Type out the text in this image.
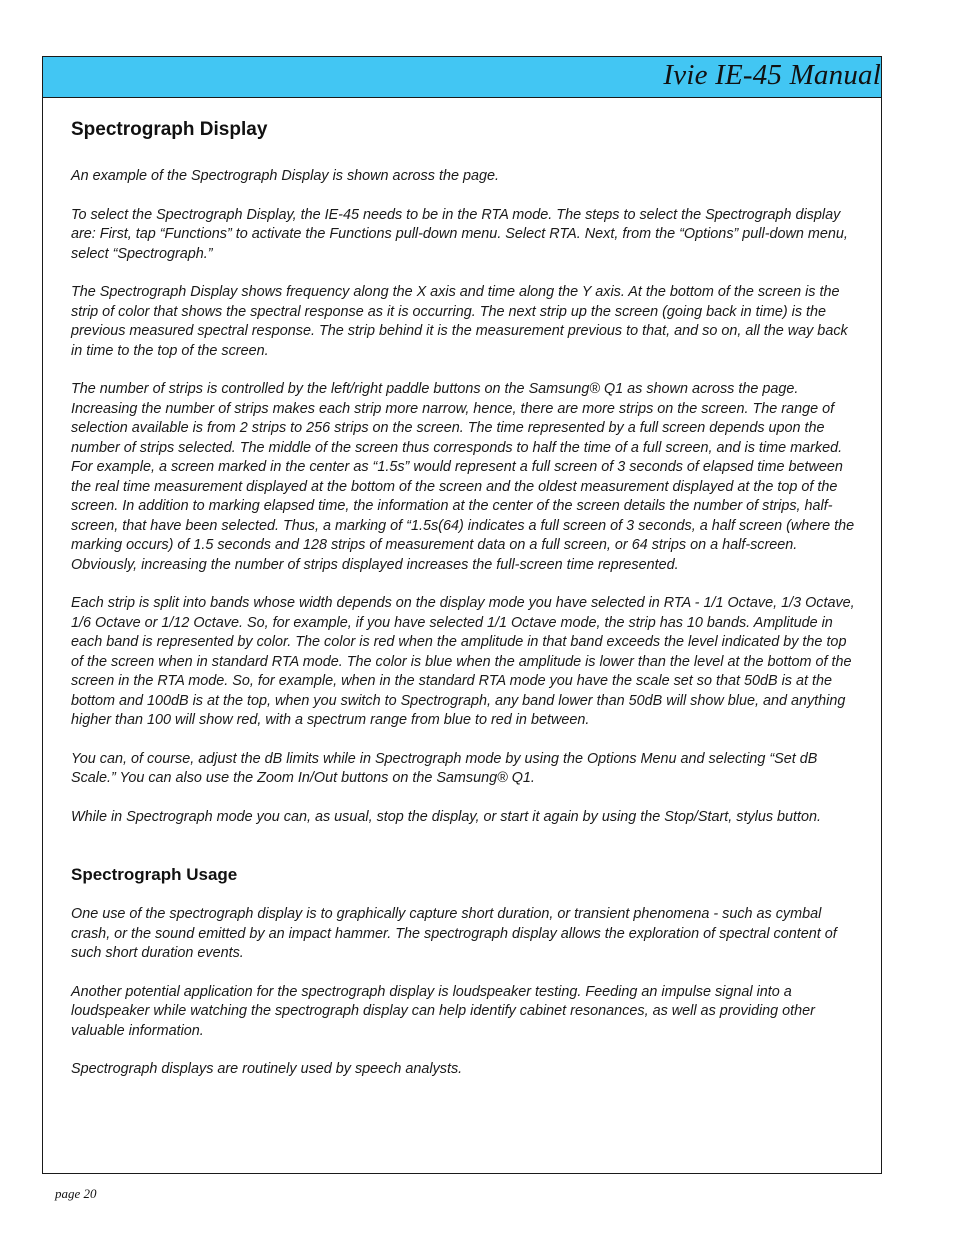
Ivie IE-45 Manual
Spectrograph Display

An example of the Spectrograph Display is shown across the page.

To select the Spectrograph Display, the IE-45 needs to be in the RTA mode. The steps to select the Spectrograph display are: First, tap “Functions” to activate the Functions pull-down menu. Select RTA. Next, from the “Options” pull-down menu, select “Spectrograph.”

The Spectrograph Display shows frequency along the X axis and time along the Y axis. At the bottom of the screen is the strip of color that shows the spectral response as it is occurring. The next strip up the screen (going back in time) is the previous measured spectral response. The strip behind it is the measurement previous to that, and so on, all the way back in time to the top of the screen.

The number of strips is controlled by the left/right paddle buttons on the Samsung® Q1 as shown across the page. Increasing the number of strips makes each strip more narrow, hence, there are more strips on the screen. The range of selection available is from 2 strips to 256 strips on the screen. The time represented by a full screen depends upon the number of strips selected. The middle of the screen thus corresponds to half the time of a full screen, and is time marked. For example, a screen marked in the center as “1.5s” would represent a full screen of 3 seconds of elapsed time between the real time measurement displayed at the bottom of the screen and the oldest measurement displayed at the top of the screen. In addition to marking elapsed time, the information at the center of the screen details the number of strips, half-screen, that have been selected. Thus, a marking of “1.5s(64) indicates a full screen of 3 seconds, a half screen (where the marking occurs) of 1.5 seconds and 128 strips of measurement data on a full screen, or 64 strips on a half-screen. Obviously, increasing the number of strips displayed increases the full-screen time represented.

Each strip is split into bands whose width depends on the display mode you have selected in RTA - 1/1 Octave, 1/3 Octave, 1/6 Octave or 1/12 Octave. So, for example, if you have selected 1/1 Octave mode, the strip has 10 bands. Amplitude in each band is represented by color. The color is red when the amplitude in that band exceeds the level indicated by the top of the screen when in standard RTA mode. The color is blue when the amplitude is lower than the level at the bottom of the screen in the RTA mode. So, for example, when in the standard RTA mode you have the scale set so that 50dB is at the bottom and 100dB is at the top, when you switch to Spectrograph, any band lower than 50dB will show blue, and anything higher than 100 will show red, with a spectrum range from blue to red in between.

You can, of course, adjust the dB limits while in Spectrograph mode by using the Options Menu and selecting “Set dB Scale.” You can also use the Zoom In/Out buttons on the Samsung® Q1.

While in Spectrograph mode you can, as usual, stop the display, or start it again by using the Stop/Start, stylus button.

Spectrograph Usage

One use of the spectrograph display is to graphically capture short duration, or transient phenomena - such as cymbal crash, or the sound emitted by an impact hammer. The spectrograph display allows the exploration of spectral content of such short duration events.

Another potential application for the spectrograph display is loudspeaker testing. Feeding an impulse signal into a loudspeaker while watching the spectrograph display can help identify cabinet resonances, as well as providing other valuable information.

Spectrograph displays are routinely used by speech analysts.

page 20
